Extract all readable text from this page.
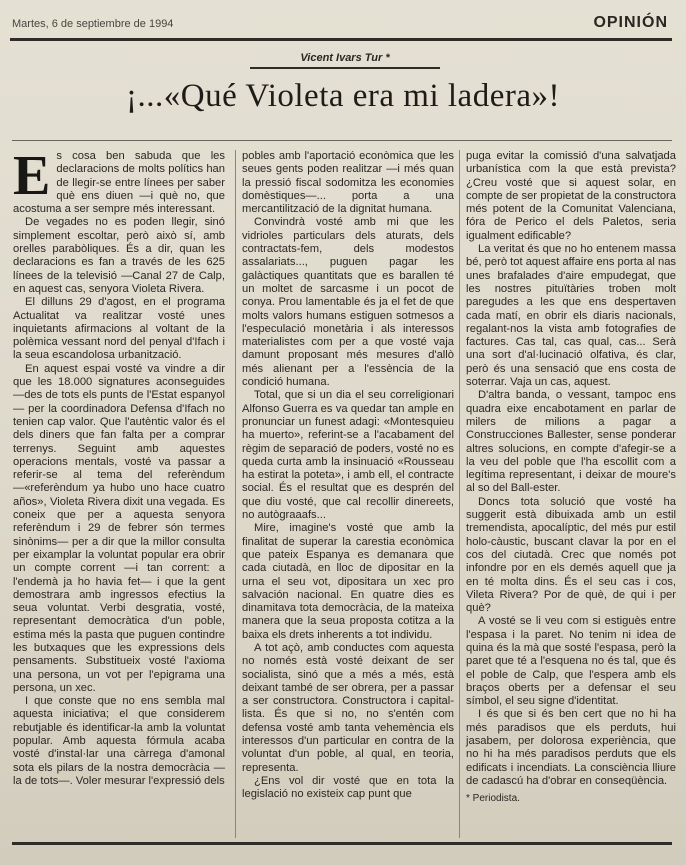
Martes, 6 de septiembre de 1994	OPINIÓN
Vicent Ivars Tur *
¡...«Qué Violeta era mi ladera»!
E s cosa ben sabuda que les declaracions de molts polítics han de llegir-se entre línees per saber què ens diuen —i què no, que acostuma a ser sempre més interessant.

De vegades no es poden llegir, sinó simplement escoltar, però això sí, amb orelles parabòliques. És a dir, quan les declaracions es fan a través de les 625 línees de la televisió —Canal 27 de Calp, en aquest cas, senyora Violeta Rivera.

El dilluns 29 d'agost, en el programa Actualitat va realitzar vosté unes inquietants afirmacions al voltant de la polèmica vessant nord del penyal d'Ifach i la seua escandolosa urbanització.

En aquest espai vosté va vindre a dir que les 18.000 signatures aconseguides —des de tots els punts de l'Estat espanyol— per la coordinadora Defensa d'Ifach no tenien cap valor. Que l'autèntic valor és el dels diners que fan falta per a comprar terrenys. Seguint amb aquestes operacions mentals, vosté va passar a referir-se al tema del referèndum —«referèndum ya hubo uno hace cuatro años», Violeta Rivera dixit una vegada. Es coneix que per a aquesta senyora referèndum i 29 de febrer són termes sinònims— per a dir que la millor consulta per eixamplar la voluntat popular era obrir un compte corrent —i tan corrent: a l'endemà ja ho havia fet— i que la gent demostrara amb ingressos efectius la seua voluntat. Verbi desgratia, vosté, representant democràtica d'un poble, estima més la pasta que puguen contindre les butxaques que les expressions dels pensaments. Substitueix vosté l'axioma una persona, un vot per l'epigrama una persona, un xec.

I que conste que no ens sembla mal aquesta iniciativa; el que considerem rebutjable és identificar-la amb la voluntat popular. Amb aquesta fórmula acaba vosté d'instal·lar una càrrega d'amonal sota els pilars de la nostra democràcia —la de tots—. Voler mesurar l'expressió dels

pobles amb l'aportació econòmica que les seues gents poden realitzar —i més quan la pressió fiscal sodomitza les economies domèstiques—... porta a una mercantilització de la dignitat humana.

Convindrà vosté amb mi que les vidrioles particulars dels aturats, dels contractats-fem, dels modestos assalariats..., puguen pagar les galàctiques quantitats que es barallen té un moltet de sarcasme i un pocot de conya. Prou lamentable és ja el fet de que molts valors humans estiguen sotmesos a l'especulació monetària i als interessos materialistes com per a que vosté vaja damunt proposant més mesures d'allò més alienant per a l'essència de la condició humana.

Total, que si un dia el seu correligionari Alfonso Guerra es va quedar tan ample en pronunciar un funest adagi: «Montesquieu ha muerto», referint-se a l'acabament del règim de separació de poders, vosté no es queda curta amb la insinuació «Rousseau ha estirat la poteta», i amb ell, el contracte social. És el resultat que es desprén del que diu vosté, que cal recollir dinereets, no autògraaafs...

Mire, imagine's vosté que amb la finalitat de superar la carestia econòmica que pateix Espanya es demanara que cada ciutadà, en lloc de dipositar en la urna el seu vot, dipositara un xec pro salvación nacional. En quatre dies es dinamitava tota democràcia, de la mateixa manera que la seua proposta cotitza a la baixa els drets inherents a tot individu.

A tot açò, amb conductes com aquesta no només està vosté deixant de ser socialista, sinó que a més a més, està deixant també de ser obrera, per a passar a ser constructora. Constructora i capital-lista. És que si no, no s'entén com defensa vosté amb tanta vehemència els interessos d'un particular en contra de la voluntat d'un poble, al qual, en teoria, representa.

¿Ens vol dir vosté que en tota la legislació no existeix cap punt que

puga evitar la comissió d'una salvatjada urbanística com la que està prevista? ¿Creu vosté que si aquest solar, en compte de ser propietat de la constructora més potent de la Comunitat Valenciana, fóra de Perico el dels Paletos, seria igualment edificable?

La veritat és que no ho entenem massa bé, però tot aquest affaire ens porta al nas unes brafalades d'aire empudegat, que les nostres pituïtàries troben molt paregudes a les que ens despertaven cada matí, en obrir els diaris nacionals, regalant-nos la vista amb fotografies de factures. Cas tal, cas qual, cas... Serà una sort d'al·lucinació olfativa, és clar, però és una sensació que ens costa de soterrar. Vaja un cas, aquest.

D'altra banda, o vessant, tampoc ens quadra eixe encabotament en parlar de milers de milions a pagar a Construcciones Ballester, sense ponderar altres solucions, en compte d'afegir-se a la veu del poble que l'ha escollit com a legítima representant, i deixar de moure's al so del Ball-ester.

Doncs tota solució que vosté ha suggerit està dibuixada amb un estil tremendista, apocalíptic, del més pur estil holo-càustic, buscant clavar la por en el cos del ciutadà. Crec que només pot infondre por en els demés aquell que ja en té molta dins. És el seu cas i cos, Vileta Rivera? Por de què, de qui i per què?

A vosté se li veu com si estiguès entre l'espasa i la paret. No tenim ni idea de quina és la mà que sosté l'espasa, però la paret que té a l'esquena no és tal, que és el poble de Calp, que l'espera amb els braços oberts per a defensar el seu símbol, el seu signe d'identitat.

I és que si és ben cert que no hi ha més paradisos que els perduts, hui jasabem, per dolorosa experiència, que no hi ha més paradisos perduts que els edificats i incendiats. La consciència lliure de cadascú ha d'obrar en conseqüència.

* Periodista.
